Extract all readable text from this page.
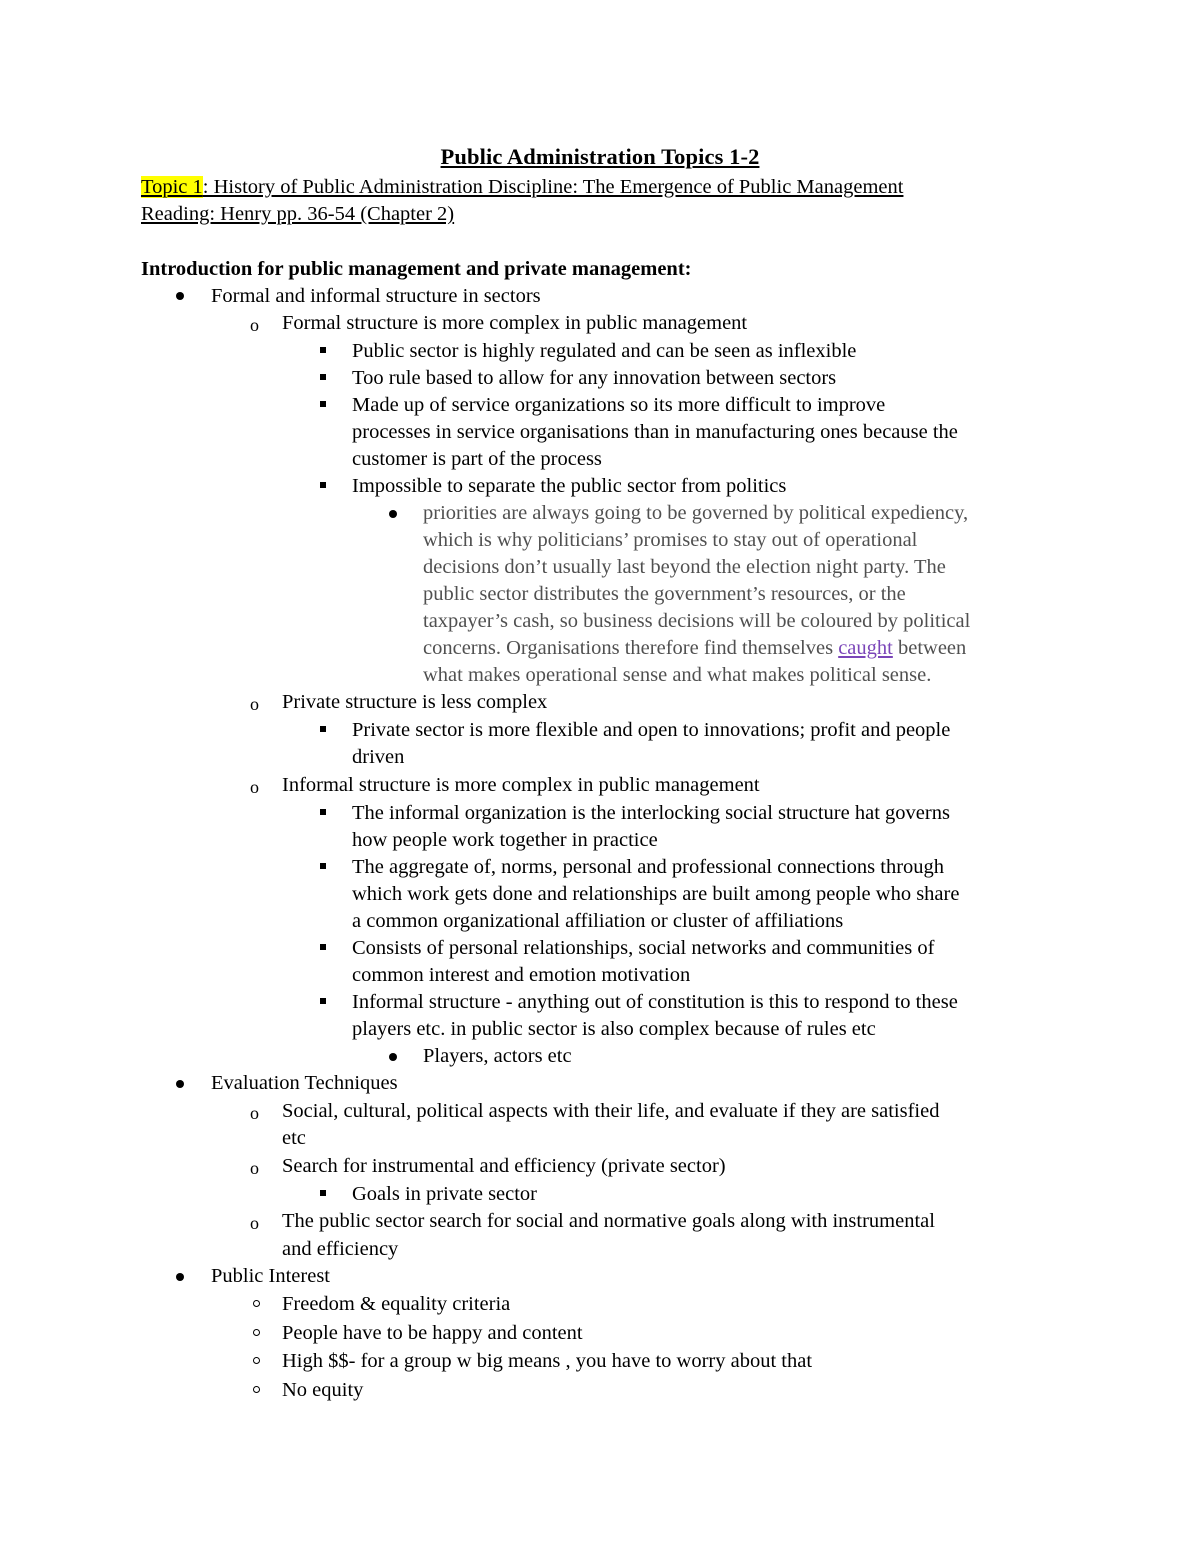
Public Administration Topics 1-2
Topic 1: History of Public Administration Discipline: The Emergence of Public Management
Reading: Henry pp. 36-54 (Chapter 2)
Introduction for public management and private management:
Formal and informal structure in sectors
o Formal structure is more complex in public management
Public sector is highly regulated and can be seen as inflexible
Too rule based to allow for any innovation between sectors
Made up of service organizations so its more difficult to improve
processes in service organisations than in manufacturing ones because the
customer is part of the process
Impossible to separate the public sector from politics
priorities are always going to be governed by political expediency,
which is why politicians’ promises to stay out of operational
decisions don’t usually last beyond the election night party. The
public sector distributes the government’s resources, or the
taxpayer’s cash, so business decisions will be coloured by political
concerns. Organisations therefore find themselves caught between
what makes operational sense and what makes political sense.
o Private structure is less complex
Private sector is more flexible and open to innovations; profit and people
driven
o Informal structure is more complex in public management
The informal organization is the interlocking social structure hat governs
how people work together in practice
The aggregate of, norms, personal and professional connections through
which work gets done and relationships are built among people who share
a common organizational affiliation or cluster of affiliations
Consists of personal relationships, social networks and communities of
common interest and emotion motivation
Informal structure - anything out of constitution is this to respond to these
players etc. in public sector is also complex because of rules etc
Players, actors etc
Evaluation Techniques
o Social, cultural, political aspects with their life, and evaluate if they are satisfied
etc
o Search for instrumental and efficiency (private sector)
Goals in private sector
o The public sector search for social and normative goals along with instrumental
and efficiency
Public Interest
Freedom & equality criteria
People have to be happy and content
High $$- for a group w big means , you have to worry about that
No equity
